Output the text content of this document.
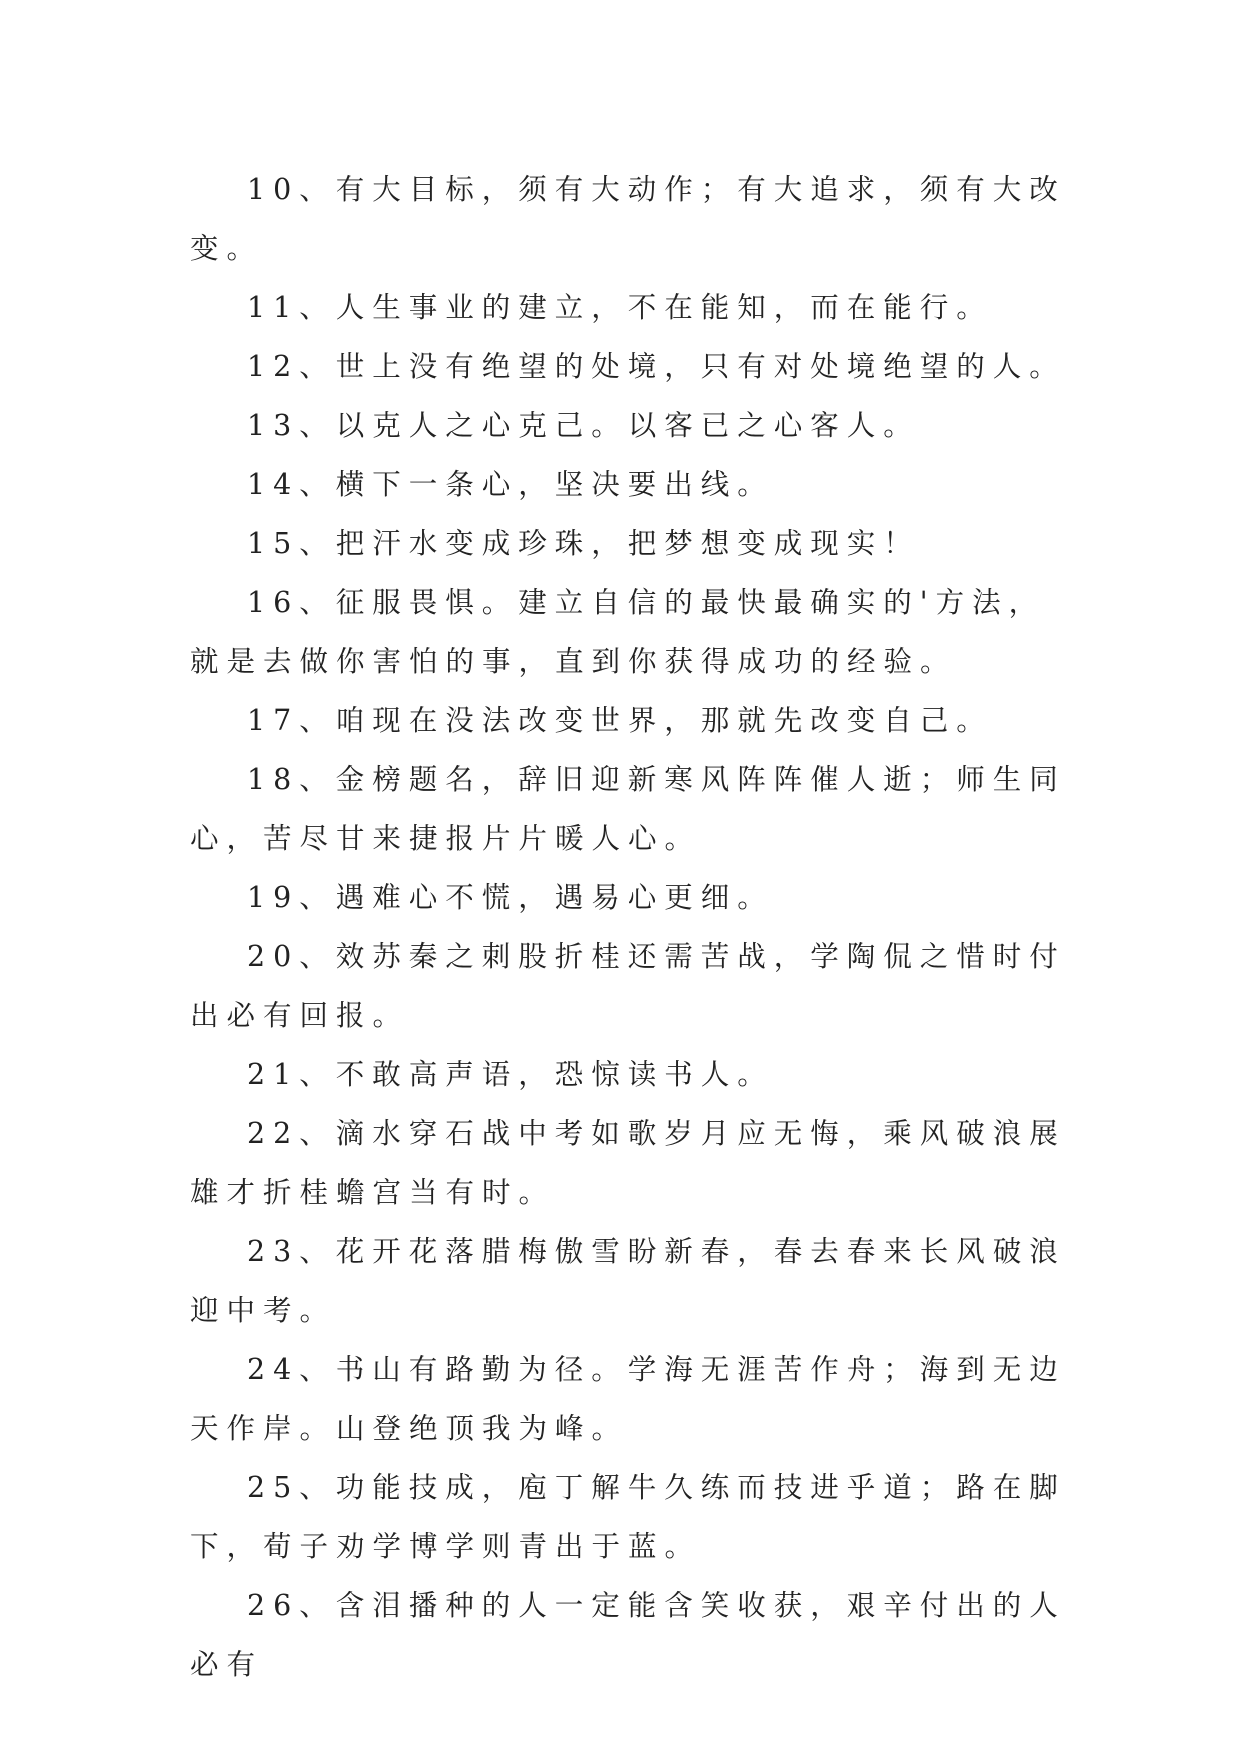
10、有大目标，须有大动作；有大追求，须有大改变。

11、人生事业的建立，不在能知，而在能行。

12、世上没有绝望的处境，只有对处境绝望的人。

13、以克人之心克己。以客已之心客人。

14、横下一条心，坚决要出线。

15、把汗水变成珍珠，把梦想变成现实！

16、征服畏惧。建立自信的最快最确实的'方法，就是去做你害怕的事，直到你获得成功的经验。

17、咱现在没法改变世界，那就先改变自己。

18、金榜题名，辞旧迎新寒风阵阵催人逝；师生同心，苦尽甘来捷报片片暖人心。

19、遇难心不慌，遇易心更细。

20、效苏秦之刺股折桂还需苦战，学陶侃之惜时付出必有回报。

21、不敢高声语，恐惊读书人。

22、滴水穿石战中考如歌岁月应无悔，乘风破浪展雄才折桂蟾宫当有时。

23、花开花落腊梅傲雪盼新春，春去春来长风破浪迎中考。

24、书山有路勤为径。学海无涯苦作舟；海到无边天作岸。山登绝顶我为峰。

25、功能技成，庖丁解牛久练而技进乎道；路在脚下，荀子劝学博学则青出于蓝。

26、含泪播种的人一定能含笑收获，艰辛付出的人必有
